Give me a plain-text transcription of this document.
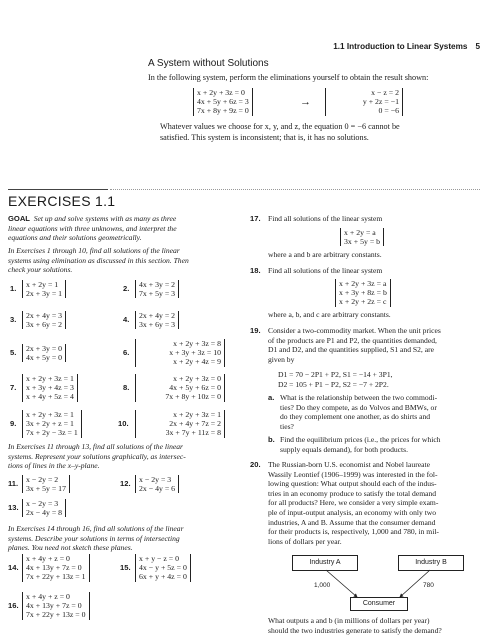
1.1 Introduction to Linear Systems 5
A System without Solutions
In the following system, perform the eliminations yourself to obtain the result shown:
x + 2y + 3z = 0
4x + 5y + 6z = 3
7x + 8y + 9z = 0
→
x − z = 2
y + 2z = −1
0 = −6
Whatever values we choose for x, y, and z, the equation 0 = −6 cannot be
satisfied. This system is inconsistent; that is, it has no solutions.
EXERCISES 1.1
GOAL Set up and solve systems with as many as three
linear equations with three unknowns, and interpret the
equations and their solutions geometrically.
In Exercises 1 through 10, find all solutions of the linear
systems using elimination as discussed in this section. Then
check your solutions.
1. x + 2y = 1
2x + 3y = 1
2. 4x + 3y = 2
7x + 5y = 3
3. 2x + 4y = 3
3x + 6y = 2
4. 2x + 4y = 2
3x + 6y = 3
5. 2x + 3y = 0
4x + 5y = 0
6.
x + 2y + 3z = 8
x + 3y + 3z = 10
x + 2y + 4z = 9
7.
x + 2y + 3z = 1
x + 3y + 4z = 3
x + 4y + 5z = 4
8.
x + 2y + 3z = 0
4x + 5y + 6z = 0
7x + 8y + 10z = 0
9.
x + 2y + 3z = 1
3x + 2y + z = 1
7x + 2y − 3z = 1
10.
x + 2y + 3z = 1
2x + 4y + 7z = 2
3x + 7y + 11z = 8
In Exercises 11 through 13, find all solutions of the linear
systems. Represent your solutions graphically, as intersec-
tions of lines in the x–y-plane.
11. x − 2y = 2
3x + 5y = 17
12. x − 2y = 3
2x − 4y = 6
13. x − 2y = 3
2x − 4y = 8
In Exercises 14 through 16, find all solutions of the linear
systems. Describe your solutions in terms of intersecting
planes. You need not sketch these planes.
14.
x + 4y + z = 0
4x + 13y + 7z = 0
7x + 22y + 13z = 1
15.
x + y − z = 0
4x − y + 5z = 0
6x + y + 4z = 0
16.
x + 4y + z = 0
4x + 13y + 7z = 0
7x + 22y + 13z = 0
17. Find all solutions of the linear system
x + 2y = a
3x + 5y = b
where a and b are arbitrary constants.
18. Find all solutions of the linear system
x + 2y + 3z = a
x + 3y + 8z = b
x + 2y + 2z = c
where a, b, and c are arbitrary constants.
19. Consider a two-commodity market. When the unit prices
of the products are P1 and P2, the quantities demanded,
D1 and D2, and the quantities supplied, S1 and S2, are
given by
D1 = 70 − 2P1 + P2, S1 = −14 + 3P1,
D2 = 105 + P1 − P2, S2 = −7 + 2P2.
a. What is the relationship between the two commodi-
ties? Do they compete, as do Volvos and BMWs, or
do they complement one another, as do shirts and
ties?
b. Find the equilibrium prices (i.e., the prices for which
supply equals demand), for both products.
20. The Russian-born U.S. economist and Nobel laureate
Wassily Leontief (1906–1999) was interested in the fol-
lowing question: What output should each of the indus-
tries in an economy produce to satisfy the total demand
for all products? Here, we consider a very simple exam-
ple of input-output analysis, an economy with only two
industries, A and B. Assume that the consumer demand
for their products is, respectively, 1,000 and 780, in mil-
lions of dollars per year.
Industry A	Industry B
Consumer
1,000	780
What outputs a and b (in millions of dollars per year)
should the two industries generate to satisfy the demand?
